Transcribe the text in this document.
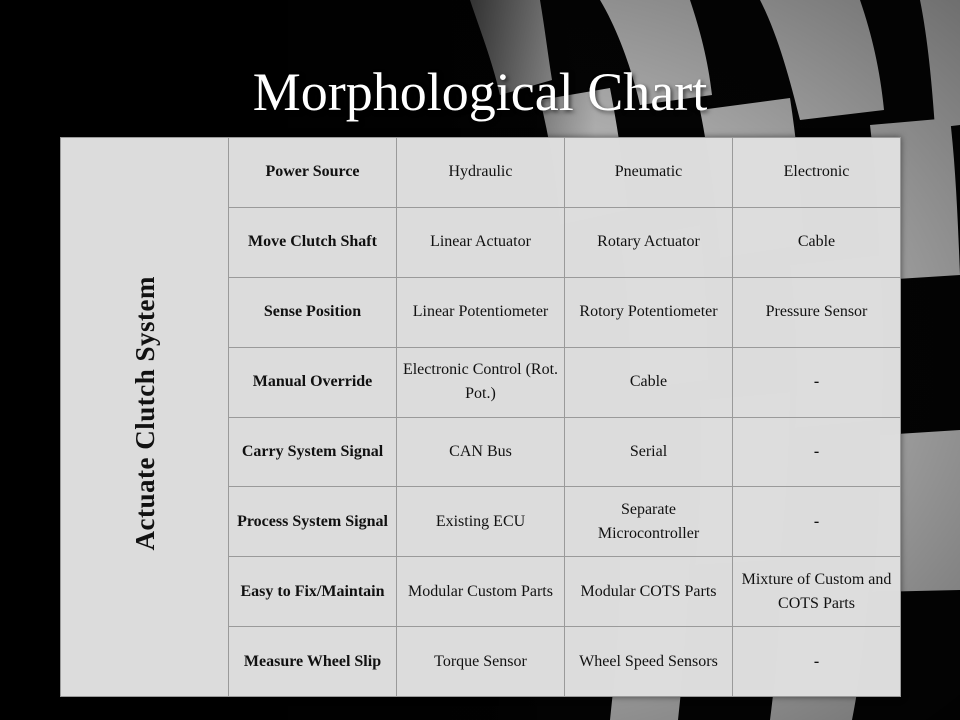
Morphological Chart
Actuate Clutch System	Power Source	Hydraulic	Pneumatic	Electronic
	Move Clutch Shaft	Linear Actuator	Rotary Actuator	Cable
	Sense Position	Linear Potentiometer	Rotory Potentiometer	Pressure Sensor
	Manual Override	Electronic Control (Rot. Pot.)	Cable	-
	Carry System Signal	CAN Bus	Serial	-
	Process System Signal	Existing ECU	Separate Microcontroller	-
	Easy to Fix/Maintain	Modular Custom Parts	Modular COTS Parts	Mixture of Custom and COTS Parts
	Measure Wheel Slip	Torque Sensor	Wheel Speed Sensors	-
